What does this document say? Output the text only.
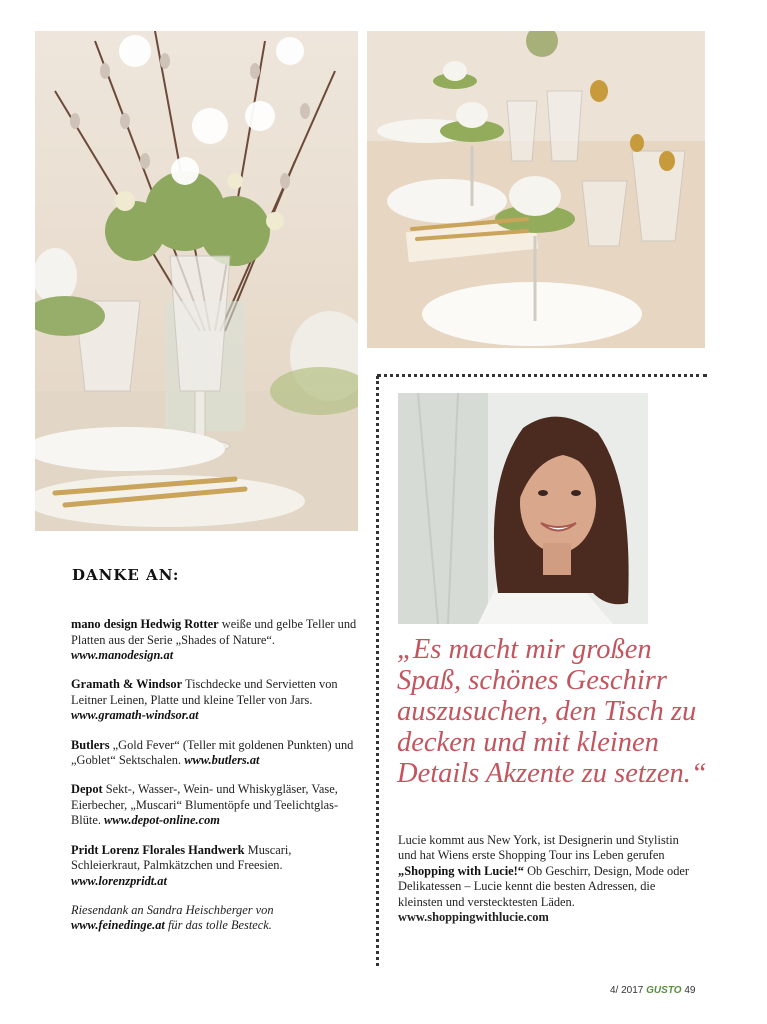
DANKE AN:

mano design Hedwig Rotter weiße und gelbe Teller und Platten aus der Serie „Shades of Nature“.
www.manodesign.at

Gramath & Windsor Tischdecke und Servietten von Leitner Leinen, Platte und kleine Teller von Jars. www.gramath-windsor.at

Butlers „Gold Fever“ (Teller mit goldenen Punkten) und „Goblet“ Sektschalen. www.butlers.at

Depot Sekt-, Wasser-, Wein- und Whiskygläser, Vase, Eierbecher, „Muscari“ Blumentöpfe und Teelichtglas-Blüte. www.depot-online.com

Pridt Lorenz Florales Handwerk Muscari, Schleierkraut, Palmkätzchen und Freesien.
www.lorenzpridt.at

Riesendank an Sandra Heischberger von
www.feinedinge.at für das tolle Besteck.

„Es macht mir großen Spaß, schönes Geschirr auszusuchen, den Tisch zu decken und mit kleinen Details Akzente zu setzen.“

Lucie kommt aus New York, ist Designerin und Stylistin und hat Wiens erste Shopping Tour ins Leben gerufen „Shopping with Lucie!“ Ob Geschirr, Design, Mode oder Delikatessen – Lucie kennt die besten Adressen, die kleinsten und verstecktesten Läden.
www.shoppingwithlucie.com

4/ 2017 GUSTO 49
